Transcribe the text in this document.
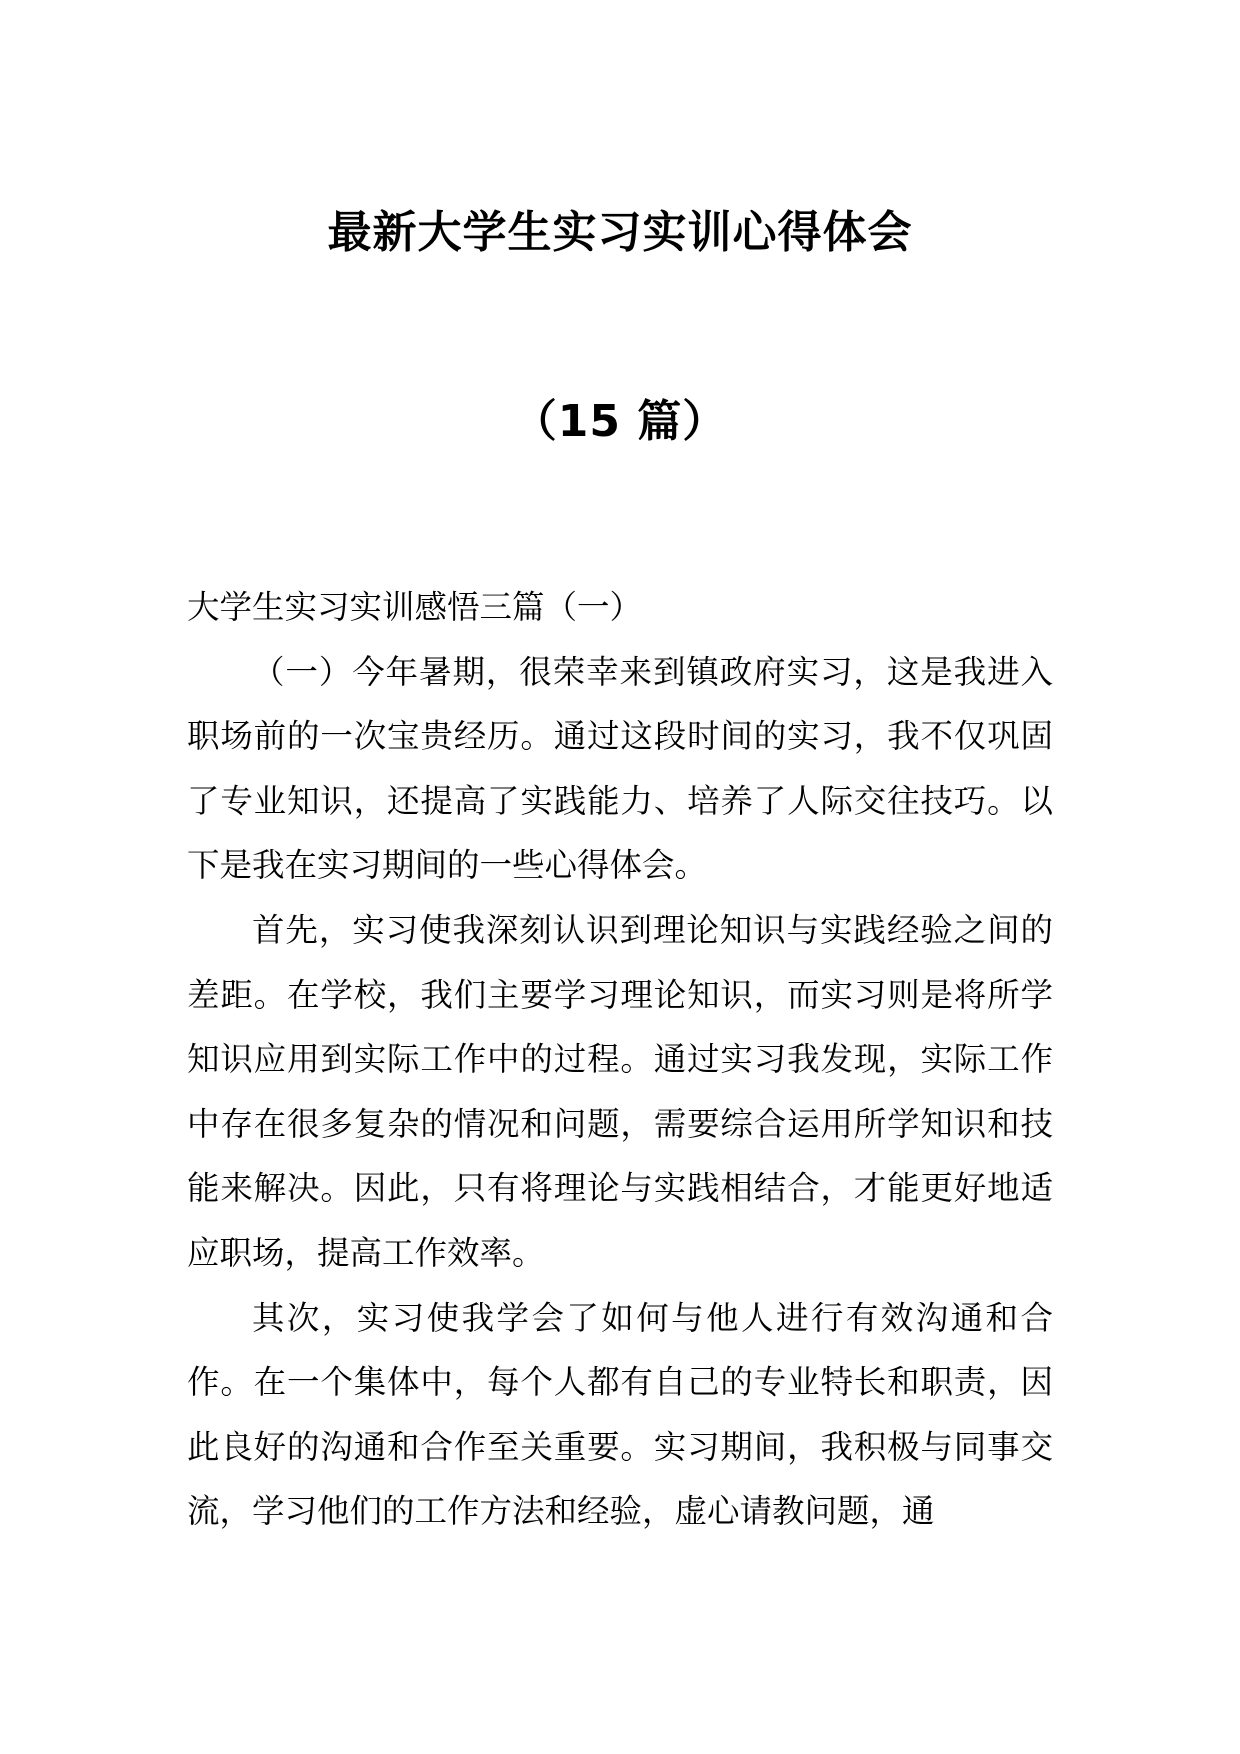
最新大学生实习实训心得体会
（15 篇）

大学生实习实训感悟三篇（一）

（一）今年暑期，很荣幸来到镇政府实习，这是我进入职场前的一次宝贵经历。通过这段时间的实习，我不仅巩固了专业知识，还提高了实践能力、培养了人际交往技巧。以下是我在实习期间的一些心得体会。

首先，实习使我深刻认识到理论知识与实践经验之间的差距。在学校，我们主要学习理论知识，而实习则是将所学知识应用到实际工作中的过程。通过实习我发现，实际工作中存在很多复杂的情况和问题，需要综合运用所学知识和技能来解决。因此，只有将理论与实践相结合，才能更好地适应职场，提高工作效率。

其次，实习使我学会了如何与他人进行有效沟通和合作。在一个集体中，每个人都有自己的专业特长和职责，因此良好的沟通和合作至关重要。实习期间，我积极与同事交流，学习他们的工作方法和经验，虚心请教问题，通
